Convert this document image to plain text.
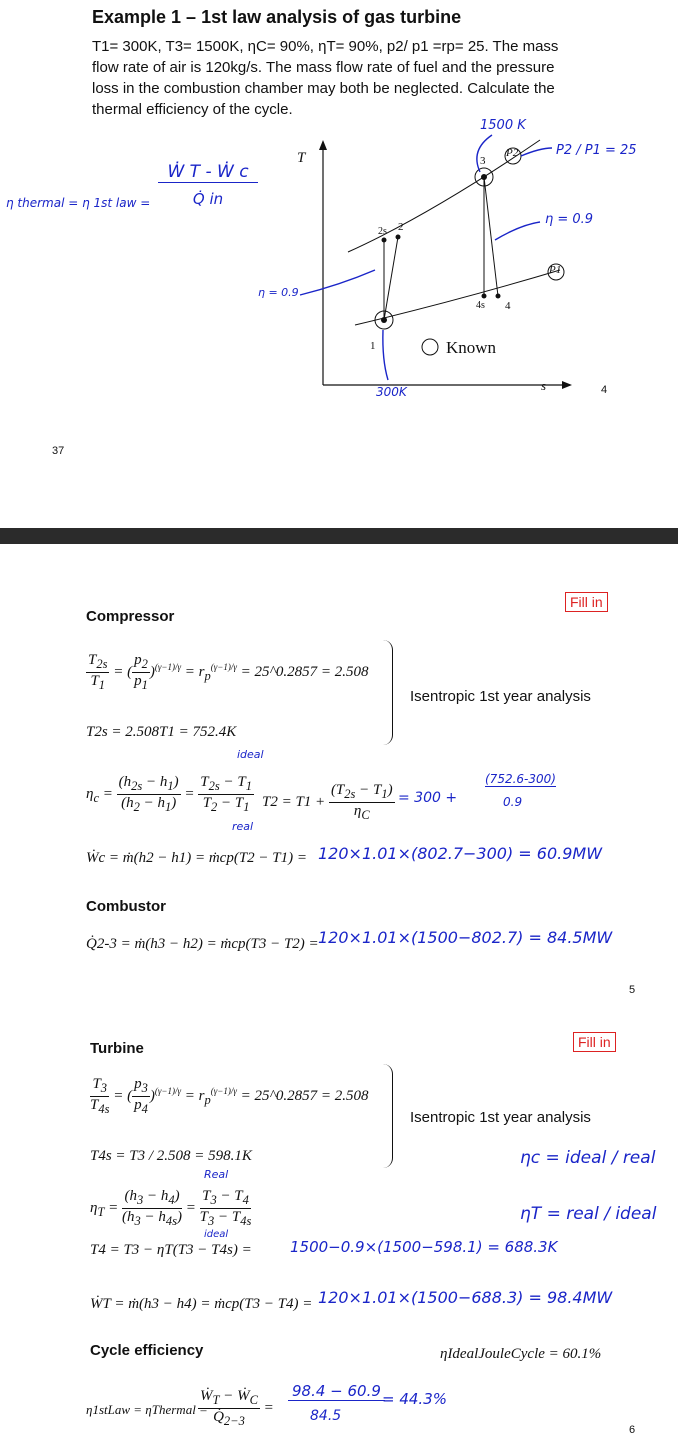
Example 1 – 1st law analysis of gas turbine
T1= 300K, T3= 1500K, ηC= 90%, ηT= 90%, p2/ p1 =rp= 25. The mass
flow rate of air is 120kg/s. The mass flow rate of fuel and the pressure
loss in the combustion chamber may both be neglected. Calculate the
thermal efficiency of the cycle.
η thermal = η 1st law =
Ẇ T - Ẇ c
Q̇ in
T
s
1
2
2s
3
4
4s
P2
P1
Known
4
37
1500 K
P2 / P1 = 25
η = 0.9
η = 0.9
300K
Fill in
Compressor
$\frac{T_{2s}}{T_1}$ = ( $\frac{p_2}{p_1} )^{(\gamma-1)/\gamma} = r_p^{(\gamma-1)/\gamma}$ = 25^0.2857 = 2.508
Isentropic 1st year analysis
T2s = 2.508T1 = 752.4K
ideal
$\eta_c = \frac{(h_{2s} - h_1)}{(h_2 - h_1)} = \frac{T_{2s} - T_1}{T_2 - T_1}$
real
$T2 = T1 + \frac{(T_{2s} - T_1)}{\eta_C} = 300$ +
(752.6-300)
0.9
Ẇc = ṁ(h2 − h1) = ṁcp(T2 − T1) = 120×1.01×(802.7−300) = 60.9MW
Combustor
Q̇2-3 = ṁ(h3 − h2) = ṁcp(T3 − T2) = 120×1.01×(1500−802.7) = 84.5MW
5
Fill in
Turbine
$\frac{T_3}{T_{4s}}$ = ( $\frac{p_3}{p_4} )^{(\gamma-1)/\gamma} = r_p^{(\gamma-1)/\gamma}$ = 25^0.2857 = 2.508
Isentropic 1st year analysis
T4s = T3 / 2.508 = 598.1K
Real
$\eta_T = \frac{(h_3 - h_4)}{(h_3 - h_{4s})} = \frac{T_3 - T_4}{T_3 - T_{4s}}$
ideal
ηc = ideal / real
ηT = real / ideal
T4 = T3 − ηT(T3 − T4s) =	1500−0.9×(1500−598.1) = 688.3K
ẆT = ṁ(h3 − h4) = ṁcp(T3 − T4) = 120×1.01×(1500−688.3) = 98.4MW
Cycle efficiency	ηIdealJouleCycle = 60.1%
η1stLaw = ηThermal =
$\frac{Ẇ_T - Ẇ_C}{Q̇_{2-3}}$ =
98.4 − 60.9
84.5
= 44.3%
6
